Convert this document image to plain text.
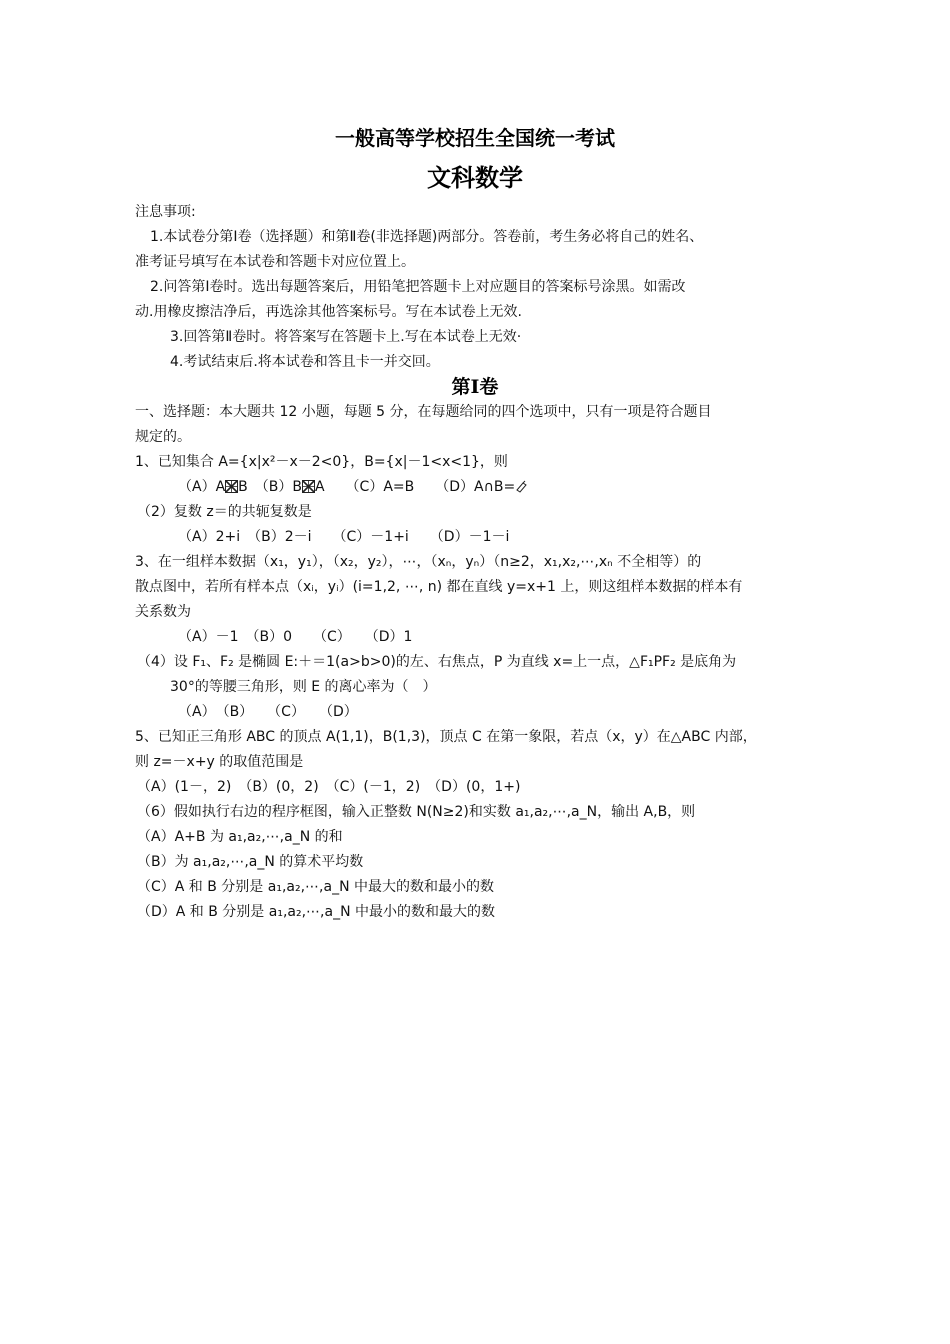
一般高等学校招生全国统一考试
文科数学
注息事项:
1.本试卷分第Ⅰ卷（选择题）和第Ⅱ卷(非选择题)两部分。答卷前，考生务必将自己的姓名、
准考证号填写在本试卷和答题卡对应位置上。
2.问答第Ⅰ卷时。选出每题答案后，用铅笔把答题卡上对应题目的答案标号涂黑。如需改
动.用橡皮擦洁净后，再选涂其他答案标号。写在本试卷上无效.
3.回答第Ⅱ卷时。将答案写在答题卡上.写在本试卷上无效·
4.考试结束后.将本试卷和答且卡一并交回。
第Ⅰ卷
一、选择题：本大题共 12 小题，每题 5 分，在每题给同的四个选项中，只有一项是符合题目
规定的。
1、已知集合 A={x|x²－x－2<0}，B={x|－1<x<1}，则
（A）A B　（B）B A　　（C）A=B　　（D）A∩B=
（2）复数 z＝的共轭复数是
（A）2+i　（B）2－i　　（C）－1+i　　（D）－1－i
3、在一组样本数据（x₁，y₁），（x₂，y₂），⋯，（xₙ，yₙ）（n≥2，x₁,x₂,⋯,xₙ 不全相等）的
散点图中，若所有样本点（xᵢ，yᵢ）(i=1,2, ⋯, n) 都在直线 y=x+1 上，则这组样本数据的样本有
关系数为
（A）－1　（B）0　　（C）　　（D）1
（4）设 F₁、F₂ 是椭圆 E:＋＝1(a>b>0)的左、右焦点，P 为直线 x=上一点，△F₁PF₂ 是底角为
30°的等腰三角形，则 E 的离心率为（　）
（A）　（B）　　（C）　　（D）
5、已知正三角形 ABC 的顶点 A(1,1)，B(1,3)，顶点 C 在第一象限，若点（x，y）在△ABC 内部，
则 z=－x+y 的取值范围是
（A）(1－，2)　（B）(0，2)　（C）(－1，2)　（D）(0，1+)
（6）假如执行右边的程序框图，输入正整数 N(N≥2)和实数 a₁,a₂,⋯,a_N，输出 A,B，则
（A）A+B 为 a₁,a₂,⋯,a_N 的和
（B）为 a₁,a₂,⋯,a_N 的算术平均数
（C）A 和 B 分别是 a₁,a₂,⋯,a_N 中最大的数和最小的数
（D）A 和 B 分别是 a₁,a₂,⋯,a_N 中最小的数和最大的数
